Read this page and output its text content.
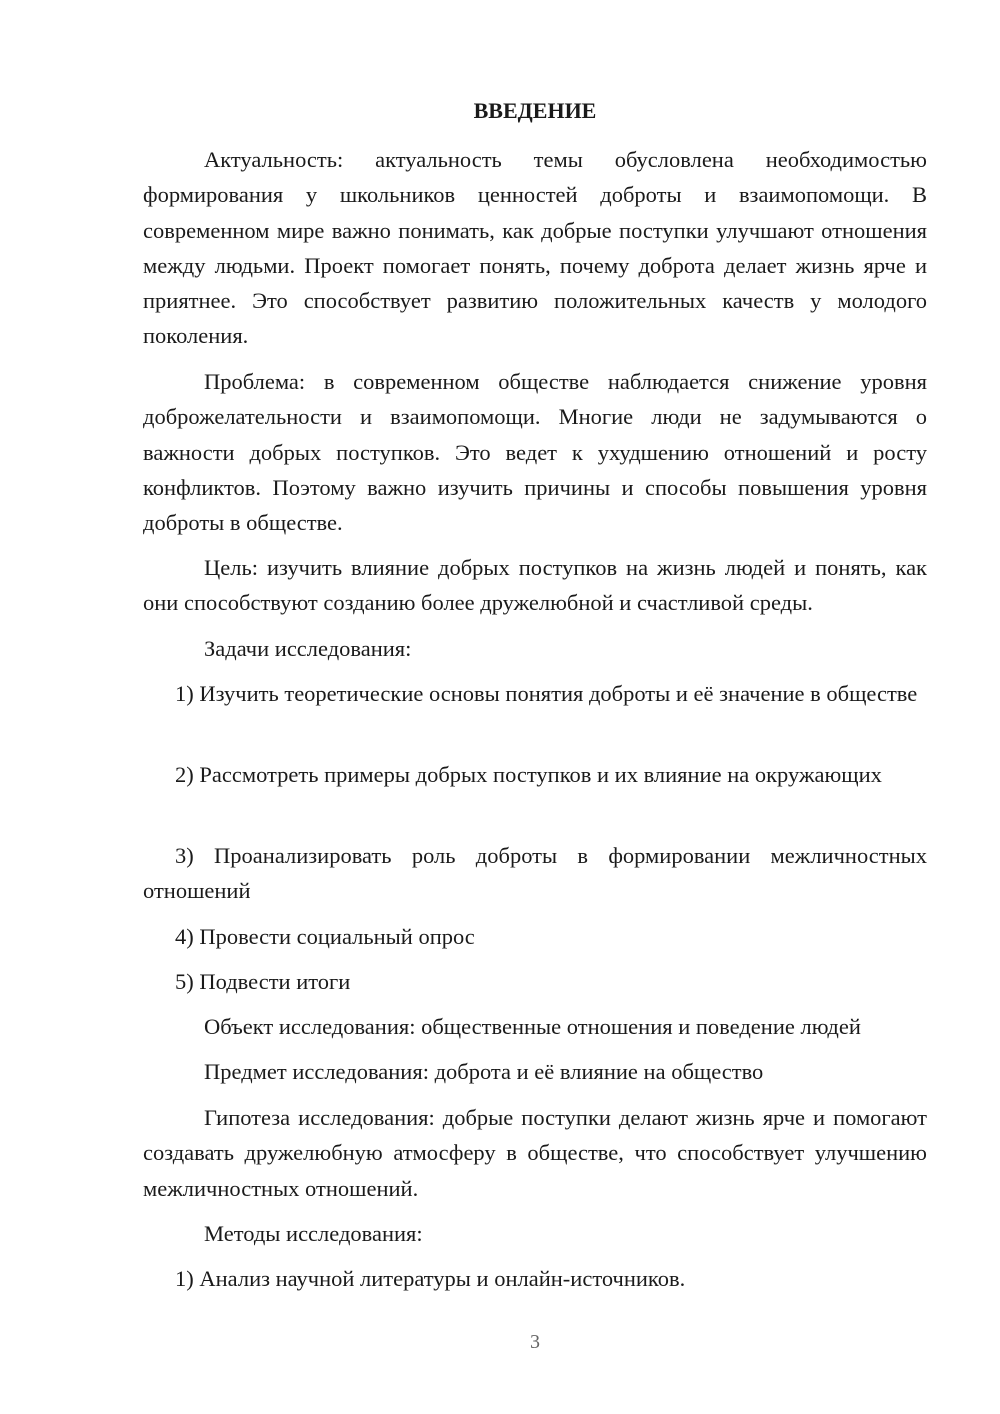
ВВЕДЕНИЕ

Актуальность: актуальность темы обусловлена необходимостью формирования у школьников ценностей доброты и взаимопомощи. В современном мире важно понимать, как добрые поступки улучшают отношения между людьми. Проект помогает понять, почему доброта делает жизнь ярче и приятнее. Это способствует развитию положительных качеств у молодого поколения.

Проблема: в современном обществе наблюдается снижение уровня доброжелательности и взаимопомощи. Многие люди не задумываются о важности добрых поступков. Это ведет к ухудшению отношений и росту конфликтов. Поэтому важно изучить причины и способы повышения уровня доброты в обществе.

Цель: изучить влияние добрых поступков на жизнь людей и понять, как они способствуют созданию более дружелюбной и счастливой среды.

Задачи исследования:

1) Изучить теоретические основы понятия доброты и её значение в обществе

2) Рассмотреть примеры добрых поступков и их влияние на окружающих

3) Проанализировать роль доброты в формировании межличностных отношений

4) Провести социальный опрос

5) Подвести итоги

Объект исследования: общественные отношения и поведение людей

Предмет исследования: доброта и её влияние на общество

Гипотеза исследования: добрые поступки делают жизнь ярче и помогают создавать дружелюбную атмосферу в обществе, что способствует улучшению межличностных отношений.

Методы исследования:

1) Анализ научной литературы и онлайн-источников.

3
